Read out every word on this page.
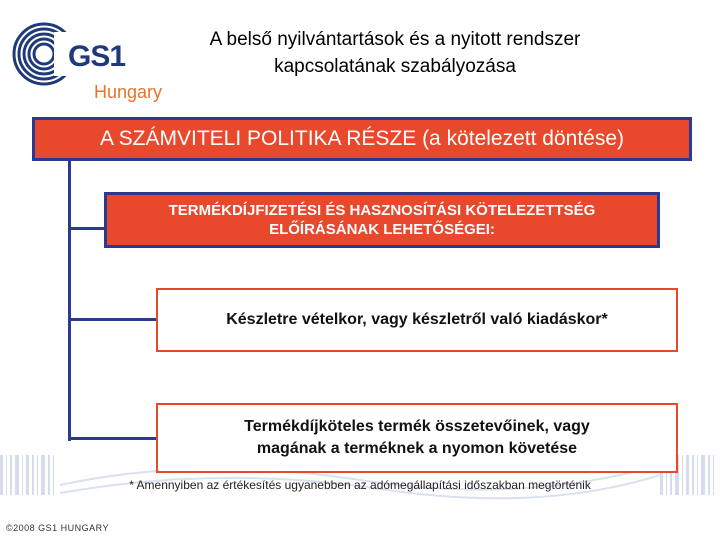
GS1
Hungary
A belső nyilvántartások és a nyitott rendszer
kapcsolatának szabályozása
A SZÁMVITELI POLITIKA RÉSZE (a kötelezett döntése)
TERMÉKDÍJFIZETÉSI ÉS HASZNOSÍTÁSI KÖTELEZETTSÉG
ELŐÍRÁSÁNAK LEHETŐSÉGEI:
Készletre vételkor, vagy készletről való kiadáskor*
Termékdíjköteles termék összetevőinek, vagy
magának a terméknek a nyomon követése
* Amennyiben az értékesítés ugyanebben az adómegállapítási időszakban megtörténik
©2008 GS1 HUNGARY
